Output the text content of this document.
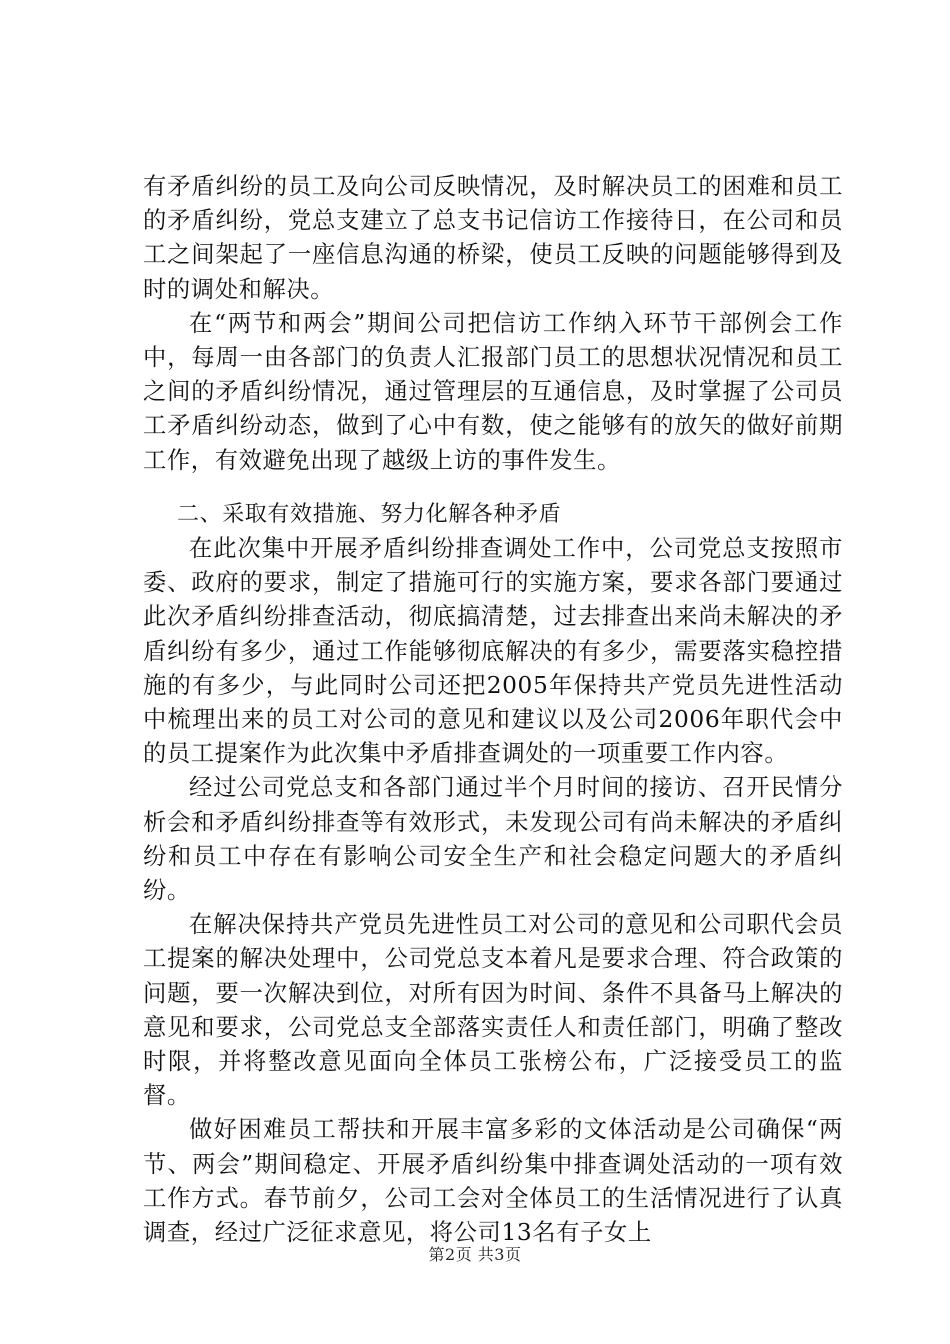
有矛盾纠纷的员工及向公司反映情况，及时解决员工的困难和员工的矛盾纠纷，党总支建立了总支书记信访工作接待日，在公司和员工之间架起了一座信息沟通的桥梁，使员工反映的问题能够得到及时的调处和解决。

在“两节和两会”期间公司把信访工作纳入环节干部例会工作中，每周一由各部门的负责人汇报部门员工的思想状况情况和员工之间的矛盾纠纷情况，通过管理层的互通信息，及时掌握了公司员工矛盾纠纷动态，做到了心中有数，使之能够有的放矢的做好前期工作，有效避免出现了越级上访的事件发生。

二、采取有效措施、努力化解各种矛盾

在此次集中开展矛盾纠纷排查调处工作中，公司党总支按照市委、政府的要求，制定了措施可行的实施方案，要求各部门要通过此次矛盾纠纷排查活动，彻底搞清楚，过去排查出来尚未解决的矛盾纠纷有多少，通过工作能够彻底解决的有多少，需要落实稳控措施的有多少，与此同时公司还把2005年保持共产党员先进性活动中梳理出来的员工对公司的意见和建议以及公司2006年职代会中的员工提案作为此次集中矛盾排查调处的一项重要工作内容。

经过公司党总支和各部门通过半个月时间的接访、召开民情分析会和矛盾纠纷排查等有效形式，未发现公司有尚未解决的矛盾纠纷和员工中存在有影响公司安全生产和社会稳定问题大的矛盾纠纷。

在解决保持共产党员先进性员工对公司的意见和公司职代会员工提案的解决处理中，公司党总支本着凡是要求合理、符合政策的问题，要一次解决到位，对所有因为时间、条件不具备马上解决的意见和要求，公司党总支全部落实责任人和责任部门，明确了整改时限，并将整改意见面向全体员工张榜公布，广泛接受员工的监督。

做好困难员工帮扶和开展丰富多彩的文体活动是公司确保“两节、两会”期间稳定、开展矛盾纠纷集中排查调处活动的一项有效工作方式。春节前夕，公司工会对全体员工的生活情况进行了认真调查，经过广泛征求意见，将公司13名有子女上

第2页 共3页
